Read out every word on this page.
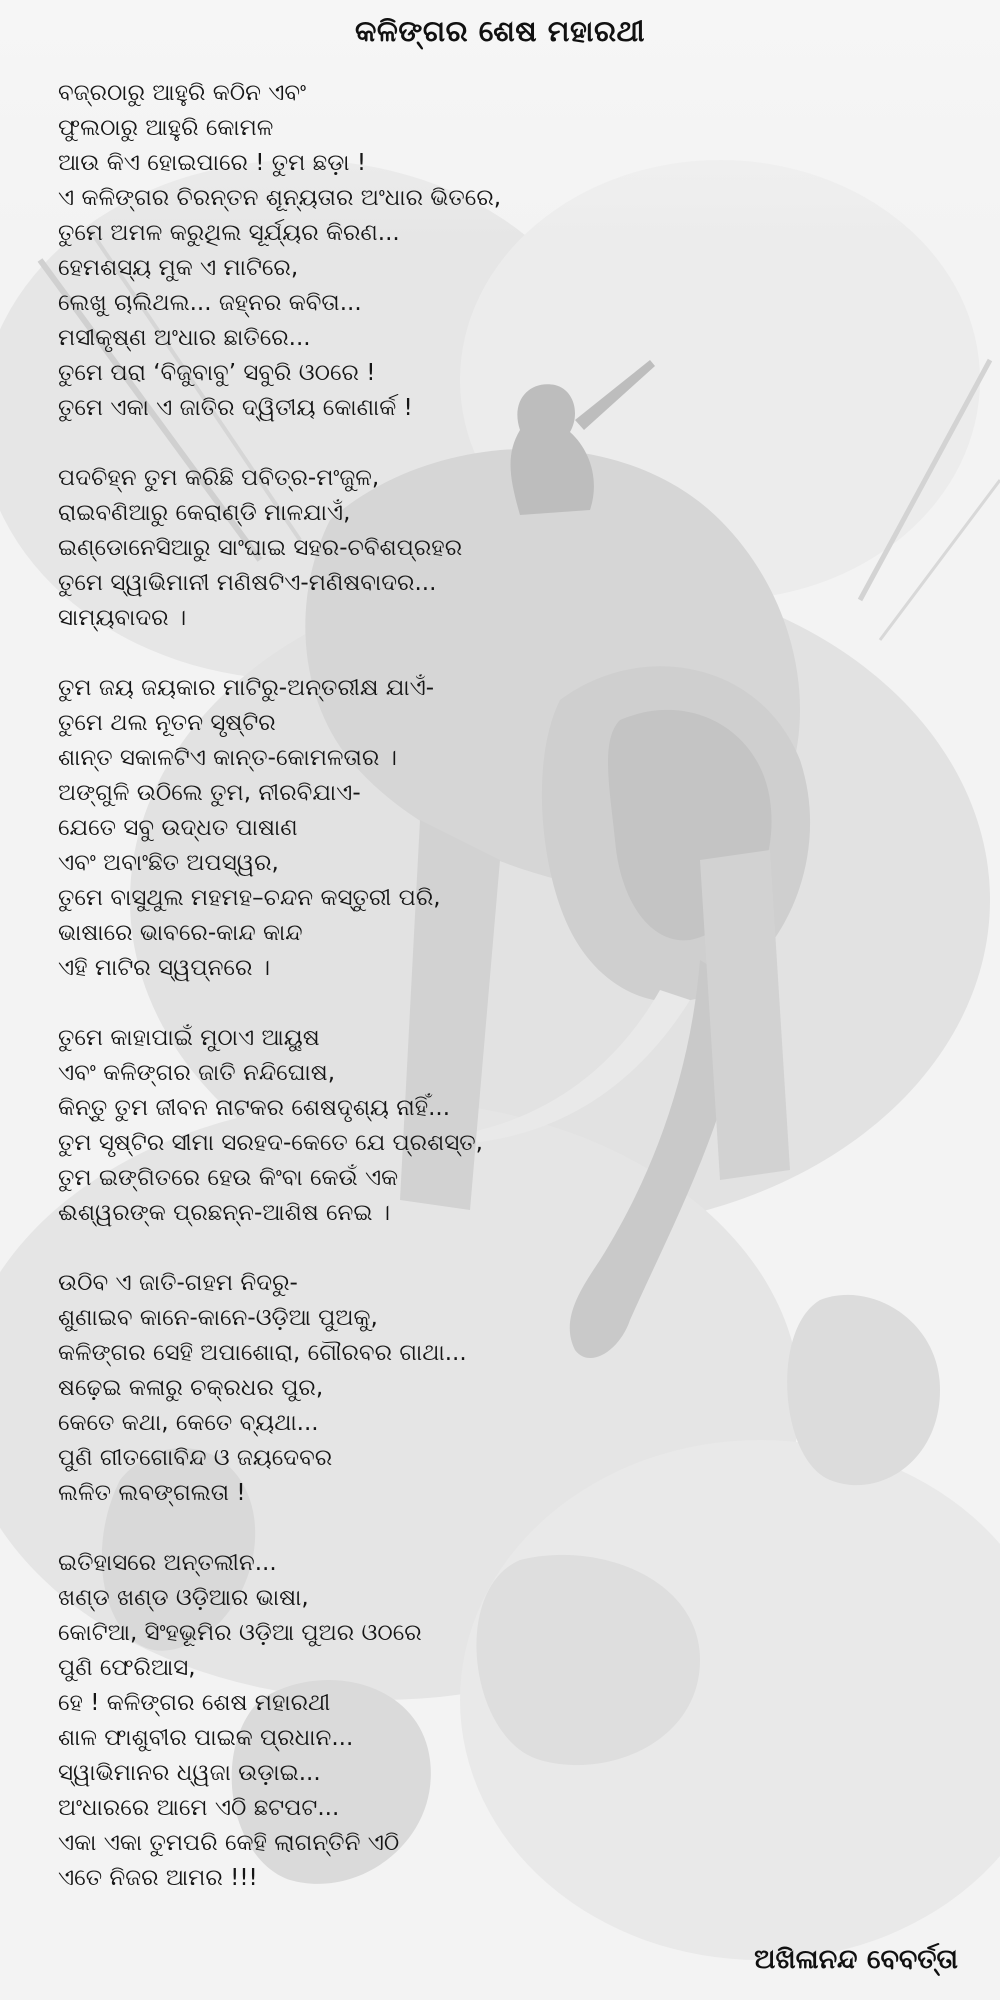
କଳିଙ୍ଗର ଶେଷ ମହାରଥୀ
ବଜ୍ରଠାରୁ ଆହୁରି କଠିନ ଏବଂ
ଫୁଲଠାରୁ ଆହୁରି କୋମଳ
ଆଉ କିଏ ହୋଇପାରେ ! ତୁମ ଛଡ଼ା !
ଏ କଳିଙ୍ଗର ଚିରନ୍ତନ ଶୂନ୍ୟତାର ଅଂଧାର ଭିତରେ,
ତୁମେ ଅମଳ କରୁଥିଲ ସୂର୍ଯ୍ୟର କିରଣ...
ହେମଶସ୍ୟ ମୁକ ଏ ମାଟିରେ,
ଲେଖୁ ଚାଲିଥଲ... ଜହ୍ନର କବିତା...
ମସୀକୃଷ୍ଣ ଅଂଧାର ଛାତିରେ...
ତୁମେ ପରା ‘ବିଜୁବାବୁ’ ସବୁରି ଓଠରେ !
ତୁମେ ଏକା ଏ ଜାତିର ଦ୍ୱିତୀୟ କୋଣାର୍କ !
ପଦଚିହ୍ନ ତୁମ କରିଛି ପବିତ୍ର-ମଂଜୁଳ,
ରାଇବଣିଆରୁ କେରାଣ୍ଡି ମାଳଯାଏଁ,
ଇଣ୍ଡୋନେସିଆରୁ ସାଂଘାଇ ସହର-ଚବିଶପ୍ରହର
ତୁମେ ସ୍ୱାଭିମାନୀ ମଣିଷଟିଏ-ମଣିଷବାଦର...
ସାମ୍ୟବାଦର ।
ତୁମ ଜୟ ଜୟକାର ମାଟିରୁ-ଅନ୍ତରୀକ୍ଷ ଯାଏଁ-
ତୁମେ ଥଲ ନୂତନ ସୃଷ୍ଟିର
ଶାନ୍ତ ସକାଳଟିଏ କାନ୍ତ-କୋମଳତାର ।
ଅଙ୍ଗୁଳି ଉଠିଲେ ତୁମ, ନୀରବିଯାଏ-
ଯେତେ ସବୁ ଉଦ୍ଧତ ପାଷାଣ
ଏବଂ ଅବାଂଛିତ ଅପସ୍ୱର,
ତୁମେ ବାସୁଥୁଲ ମହମହ–ଚନ୍ଦନ କସ୍ତୁରୀ ପରି,
ଭାଷାରେ ଭାବରେ-କାନ୍ଦ କାନ୍ଦ
ଏହି ମାଟିର ସ୍ୱପ୍ନରେ ।
ତୁମେ କାହାପାଇଁ ମୁଠାଏ ଆୟୁଷ
ଏବଂ କଳିଙ୍ଗର ଜାତି ନନ୍ଦିଘୋଷ,
କିନ୍ତୁ ତୁମ ଜୀବନ ନାଟକର ଶେଷଦୃଶ୍ୟ ନାହିଁ...
ତୁମ ସୃଷ୍ଟିର ସୀମା ସରହଦ-କେତେ ଯେ ପ୍ରଶସ୍ତ,
ତୁମ ଇଙ୍ଗିତରେ ହେଉ କିଂବା କେଉଁ ଏକ
ଈଶ୍ୱରଙ୍କ ପ୍ରଛନ୍ନ-ଆଶିଷ ନେଇ ।
ଉଠିବ ଏ ଜାତି-ଗହମ ନିଦରୁ-
ଶୁଣାଇବ କାନେ-କାନେ-ଓଡ଼ିଆ ପୁଅକୁ,
କଳିଙ୍ଗର ସେହି ଅପାଶୋରା, ଗୌରବର ଗାଥା...
ଷଢ଼େଇ କଳାରୁ ଚକ୍ରଧର ପୁର,
କେତେ କଥା, କେତେ ବ୍ୟଥା...
ପୁଣି ଗୀତଗୋବିନ୍ଦ ଓ ଜୟଦେବର
ଲଳିତ ଲବଙ୍ଗଲତା !
ଇତିହାସରେ ଅନ୍ତଲୀନ...
ଖଣ୍ଡ ଖଣ୍ଡ ଓଡ଼ିଆର ଭାଷା,
କୋଟିଆ, ସିଂହଭୂମିର ଓଡ଼ିଆ ପୁଅର ଓଠରେ
ପୁଣି ଫେରିଆସ,
ହେ ! କଳିଙ୍ଗର ଶେଷ ମହାରଥୀ
ଶାଳ ଫାଶୁବୀର ପାଇକ ପ୍ରଧାନ...
ସ୍ୱାଭିମାନର ଧ୍ୱଜା ଉଡ଼ାଇ...
ଅଂଧାରରେ ଆମେ ଏଠି ଛଟପଟ...
ଏକା ଏକା ତୁମପରି କେହି ଲାଗନ୍ତିନି ଏଠି
ଏତେ ନିଜର ଆମର !!!

ଅଖିଳାନନ୍ଦ ବେବର୍ତ୍ତା
